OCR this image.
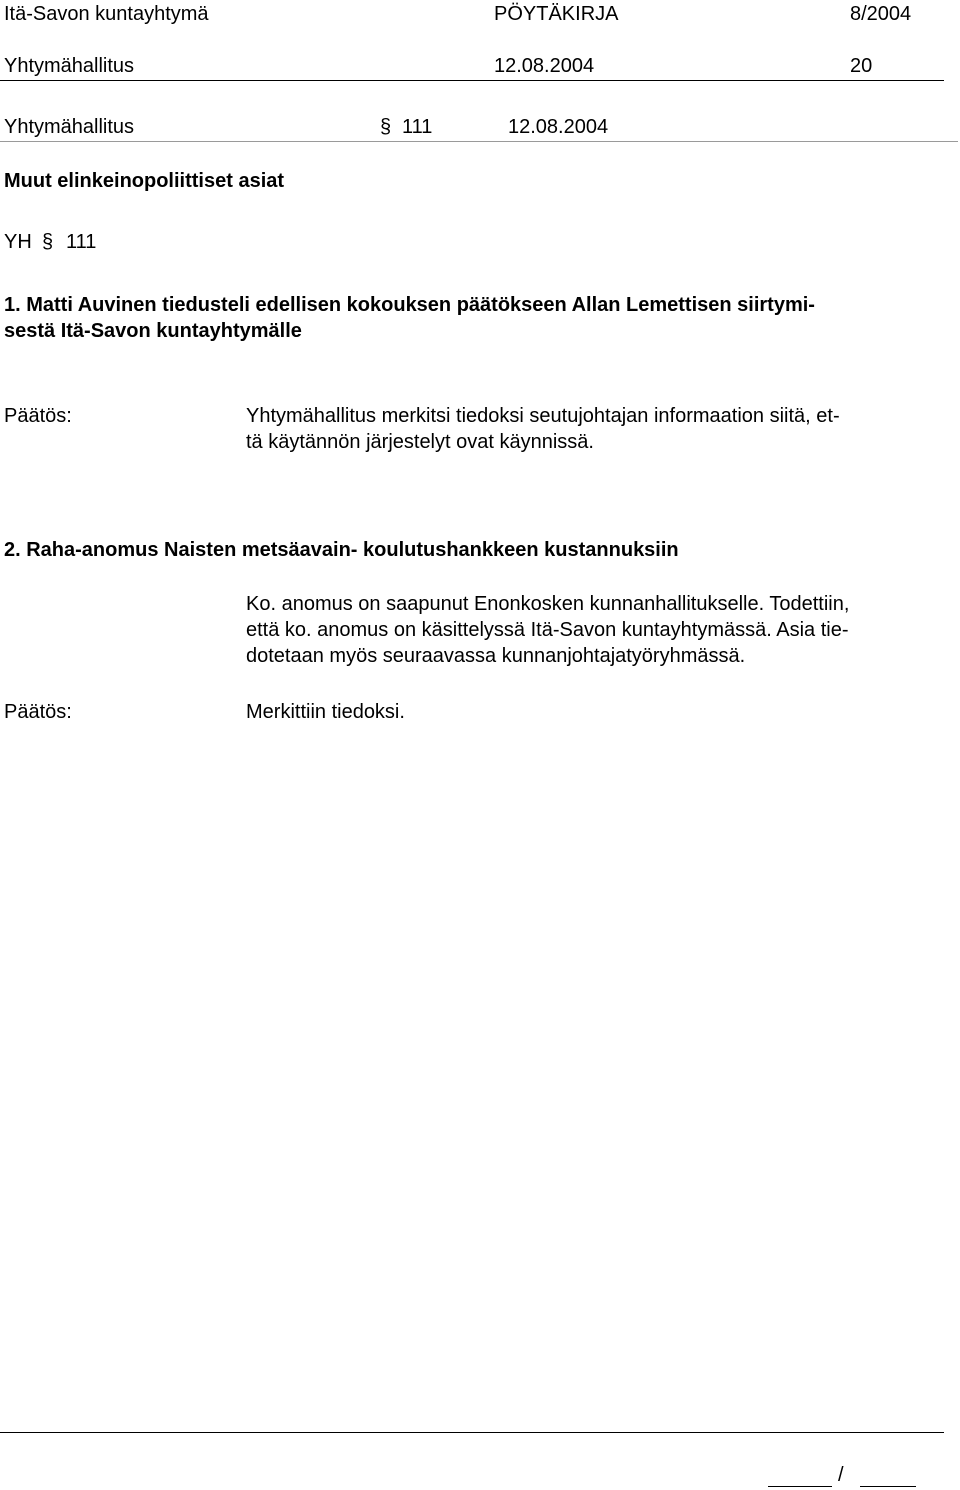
Itä-Savon kuntayhtymä	PÖYTÄKIRJA	8/2004
Yhtymähallitus	12.08.2004	20
Yhtymähallitus	§ 111	12.08.2004
Muut elinkeinopoliittiset asiat
YH § 111
1. Matti Auvinen tiedusteli edellisen kokouksen päätökseen Allan Lemettisen siirtymi-
sestä Itä-Savon kuntayhtymälle
Päätös:	Yhtymähallitus merkitsi tiedoksi seutujohtajan informaation siitä, et-
tä käytännön järjestelyt ovat käynnissä.
2. Raha-anomus Naisten metsäavain- koulutushankkeen kustannuksiin
Ko. anomus on saapunut Enonkosken kunnanhallitukselle. Todettiin,
että ko. anomus on käsittelyssä Itä-Savon kuntayhtymässä. Asia tie-
dotetaan myös seuraavassa kunnanjohtajatyöryhmässä.
Päätös:	Merkittiin tiedoksi.
/
